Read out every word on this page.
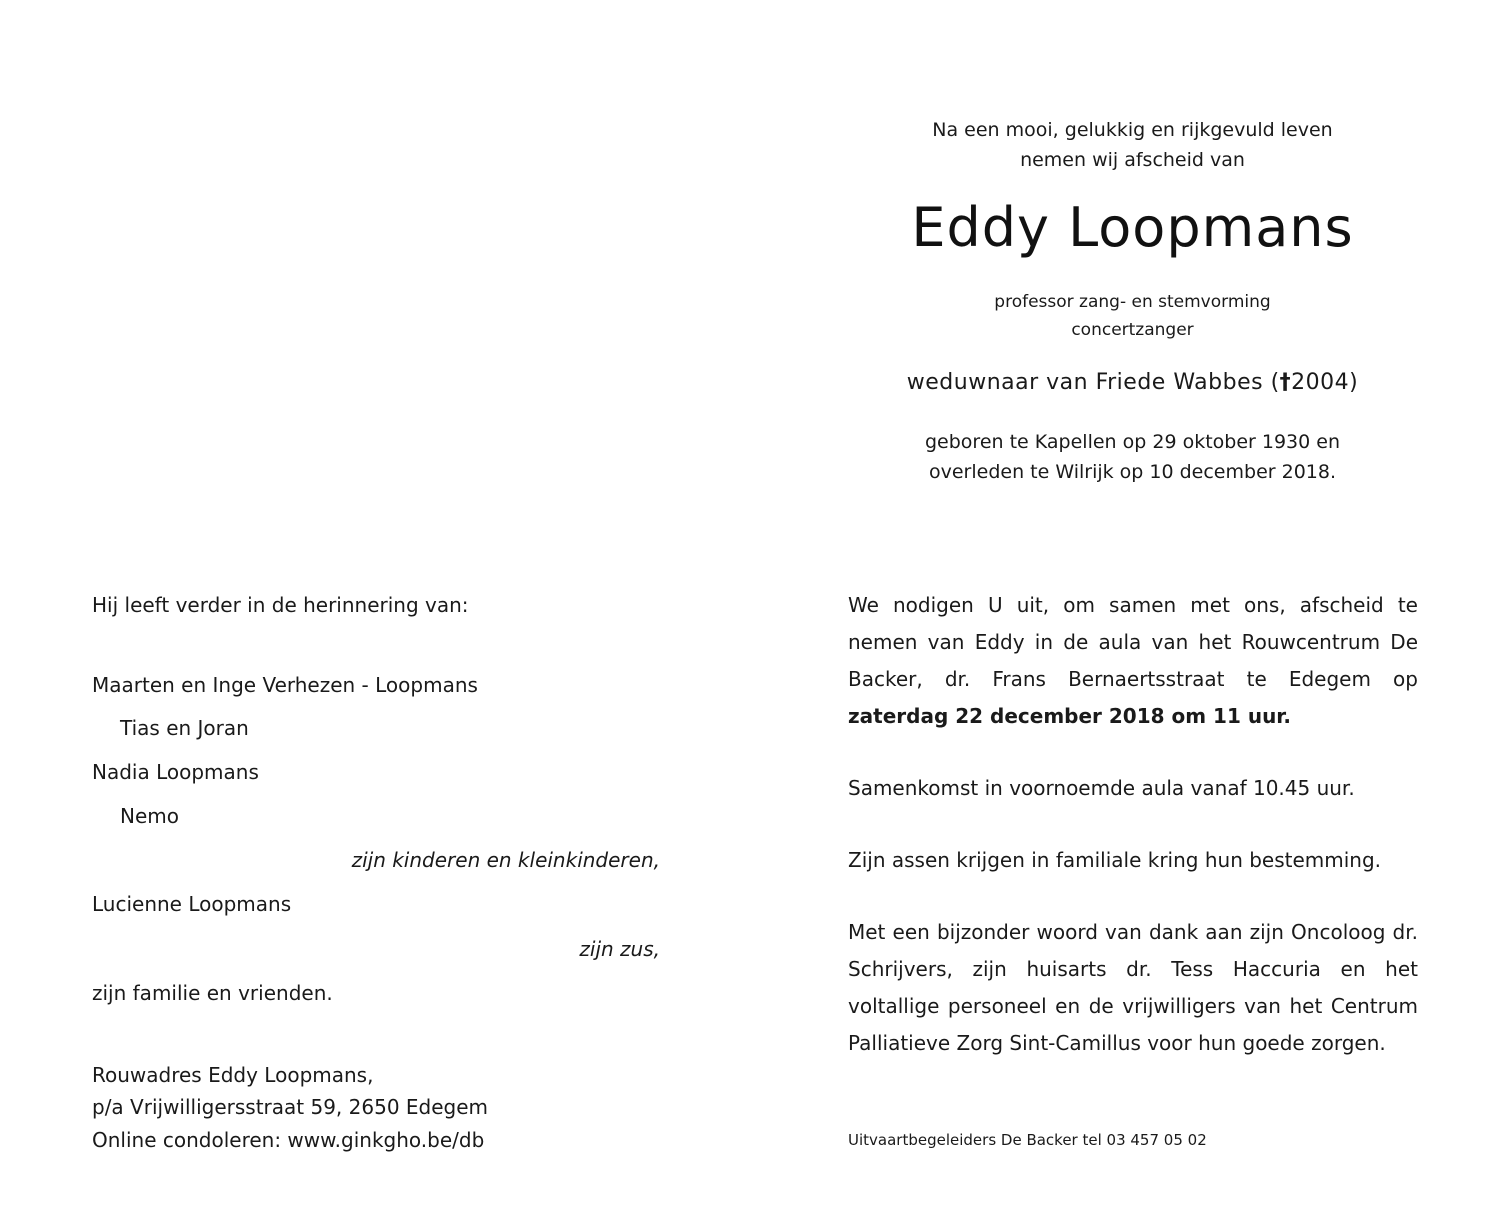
Na een mooi, gelukkig en rijkgevuld leven
nemen wij afscheid van
Eddy Loopmans
professor zang- en stemvorming
concertzanger
weduwnaar van Friede Wabbes (†2004)
geboren te Kapellen op 29 oktober 1930 en
overleden te Wilrijk op 10 december 2018.
Hij leeft verder in de herinnering van:
Maarten en Inge Verhezen - Loopmans
Tias en Joran
Nadia Loopmans
Nemo
zijn kinderen en kleinkinderen,
Lucienne Loopmans
zijn zus,
zijn familie en vrienden.
Rouwadres Eddy Loopmans,
p/a Vrijwilligersstraat 59, 2650 Edegem
Online condoleren: www.ginkgho.be/db

We nodigen U uit, om samen met ons, afscheid te nemen van Eddy in de aula van het Rouwcentrum De Backer, dr. Frans Bernaertsstraat te Edegem op zaterdag 22 december 2018 om 11 uur.

Samenkomst in voornoemde aula vanaf 10.45 uur.

Zijn assen krijgen in familiale kring hun bestemming.

Met een bijzonder woord van dank aan zijn Oncoloog dr. Schrijvers, zijn huisarts dr. Tess Haccuria en het voltallige personeel en de vrijwilligers van het Centrum Palliatieve Zorg Sint-Camillus voor hun goede zorgen.

Uitvaartbegeleiders De Backer tel 03 457 05 02
